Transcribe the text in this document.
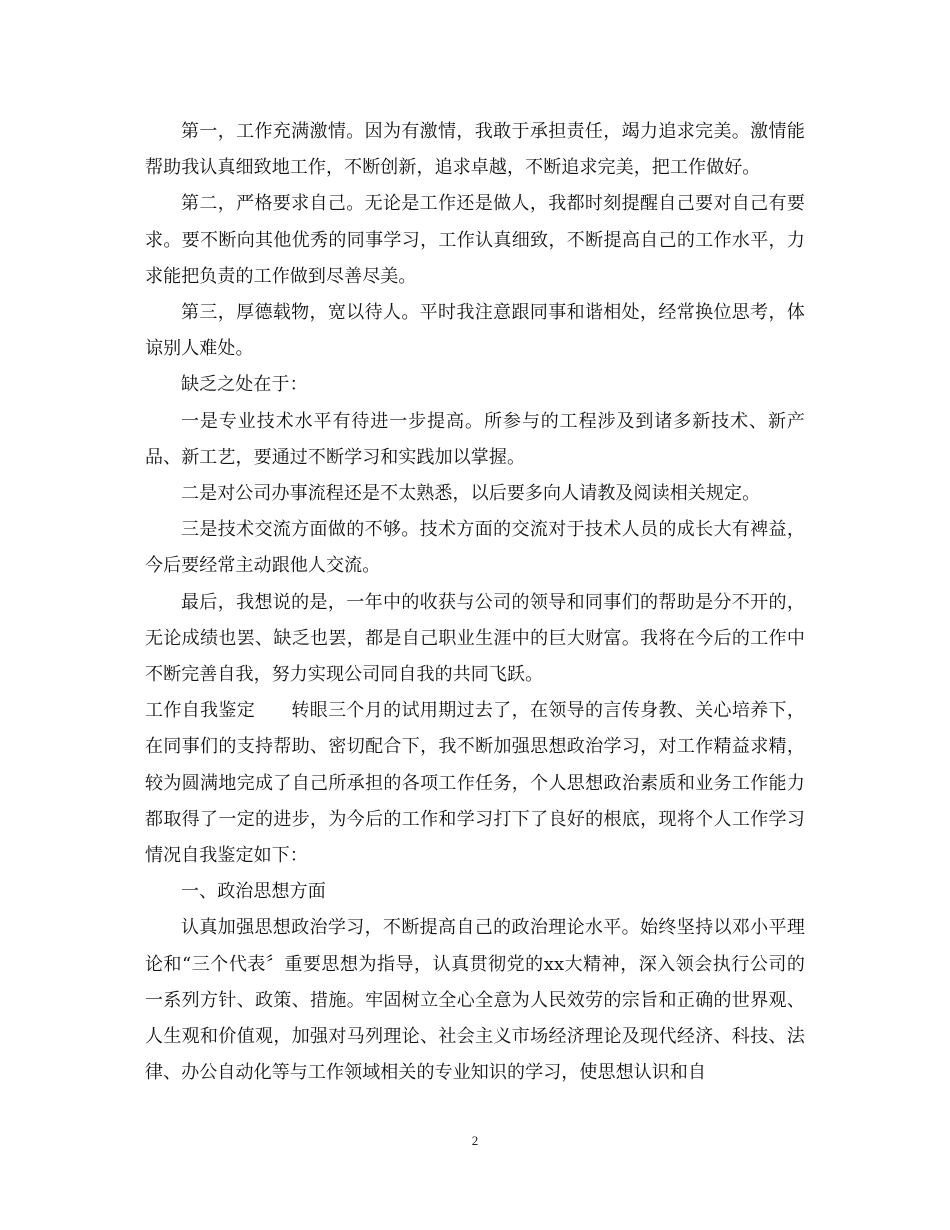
第一，工作充满激情。因为有激情，我敢于承担责任，竭力追求完美。激情能帮助我认真细致地工作，不断创新，追求卓越，不断追求完美，把工作做好。

第二，严格要求自己。无论是工作还是做人，我都时刻提醒自己要对自己有要求。要不断向其他优秀的同事学习，工作认真细致，不断提高自己的工作水平，力求能把负责的工作做到尽善尽美。

第三，厚德载物，宽以待人。平时我注意跟同事和谐相处，经常换位思考，体谅别人难处。

缺乏之处在于：

一是专业技术水平有待进一步提高。所参与的工程涉及到诸多新技术、新产品、新工艺，要通过不断学习和实践加以掌握。

二是对公司办事流程还是不太熟悉，以后要多向人请教及阅读相关规定。

三是技术交流方面做的不够。技术方面的交流对于技术人员的成长大有裨益，今后要经常主动跟他人交流。

最后，我想说的是，一年中的收获与公司的领导和同事们的帮助是分不开的，无论成绩也罢、缺乏也罢，都是自己职业生涯中的巨大财富。我将在今后的工作中不断完善自我，努力实现公司同自我的共同飞跃。

工作自我鉴定 转眼三个月的试用期过去了，在领导的言传身教、关心培养下，在同事们的支持帮助、密切配合下，我不断加强思想政治学习，对工作精益求精，较为圆满地完成了自己所承担的各项工作任务，个人思想政治素质和业务工作能力都取得了一定的进步，为今后的工作和学习打下了良好的根底，现将个人工作学习情况自我鉴定如下：

一、政治思想方面

认真加强思想政治学习，不断提高自己的政治理论水平。始终坚持以邓小平理论和“三个代表〞重要思想为指导，认真贯彻党的xx大精神，深入领会执行公司的一系列方针、政策、措施。牢固树立全心全意为人民效劳的宗旨和正确的世界观、人生观和价值观，加强对马列理论、社会主义市场经济理论及现代经济、科技、法律、办公自动化等与工作领域相关的专业知识的学习，使思想认识和自

2
